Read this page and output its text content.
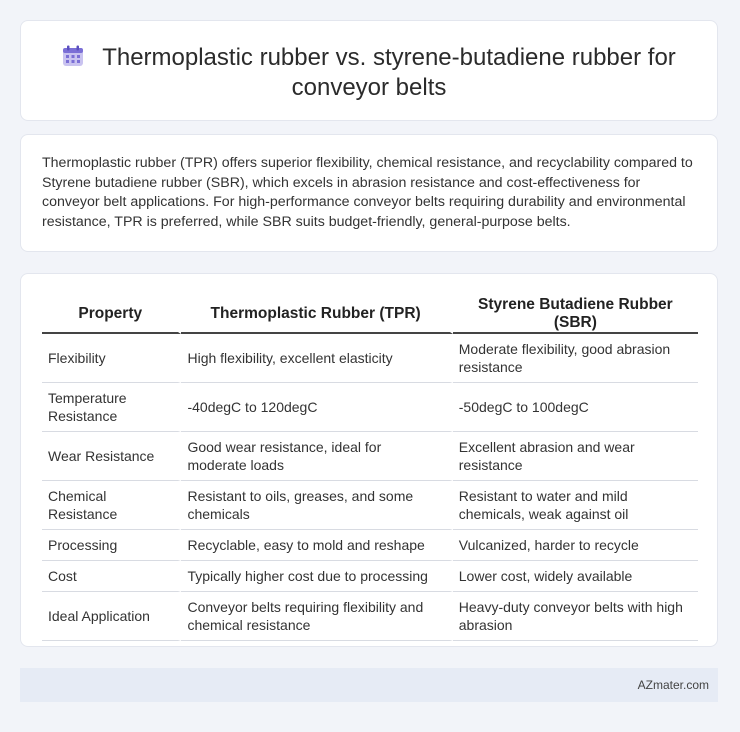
Thermoplastic rubber vs. styrene-butadiene rubber for conveyor belts
Thermoplastic rubber (TPR) offers superior flexibility, chemical resistance, and recyclability compared to Styrene butadiene rubber (SBR), which excels in abrasion resistance and cost-effectiveness for conveyor belt applications. For high-performance conveyor belts requiring durability and environmental resistance, TPR is preferred, while SBR suits budget-friendly, general-purpose belts.
Property	Thermoplastic Rubber (TPR)	Styrene Butadiene Rubber (SBR)
Flexibility	High flexibility, excellent elasticity	Moderate flexibility, good abrasion resistance
Temperature Resistance	-40degC to 120degC	-50degC to 100degC
Wear Resistance	Good wear resistance, ideal for moderate loads	Excellent abrasion and wear resistance
Chemical Resistance	Resistant to oils, greases, and some chemicals	Resistant to water and mild chemicals, weak against oil
Processing	Recyclable, easy to mold and reshape	Vulcanized, harder to recycle
Cost	Typically higher cost due to processing	Lower cost, widely available
Ideal Application	Conveyor belts requiring flexibility and chemical resistance	Heavy-duty conveyor belts with high abrasion
AZmater.com
